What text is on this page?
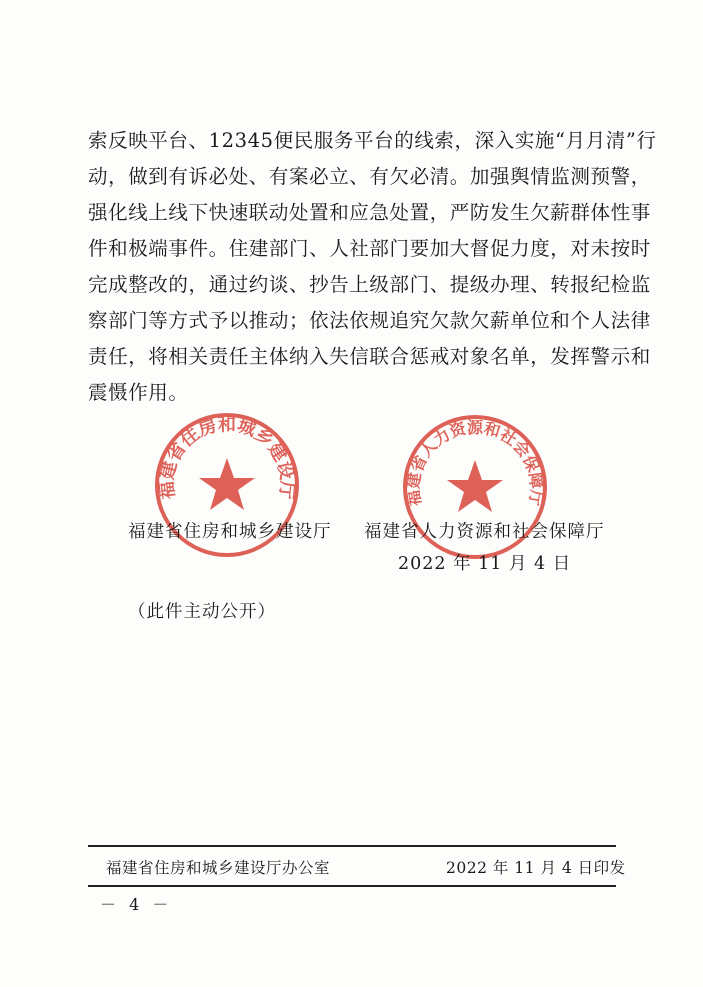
索反映平台、12345便民服务平台的线索，深入实施“月月清”行
动，做到有诉必处、有案必立、有欠必清。加强舆情监测预警，
强化线上线下快速联动处置和应急处置，严防发生欠薪群体性事
件和极端事件。住建部门、人社部门要加大督促力度，对未按时
完成整改的，通过约谈、抄告上级部门、提级办理、转报纪检监
察部门等方式予以推动；依法依规追究欠款欠薪单位和个人法律
责任，将相关责任主体纳入失信联合惩戒对象名单，发挥警示和
震慑作用。
福建省住房和城乡建设厅	福建省人力资源和社会保障厅
福建省住房和城乡建设厅 福建省人力资源和社会保障厅
2022 年 11 月 4 日
（此件主动公开）
福建省住房和城乡建设厅办公室	2022 年 11 月 4 日印发
－ 4 －
